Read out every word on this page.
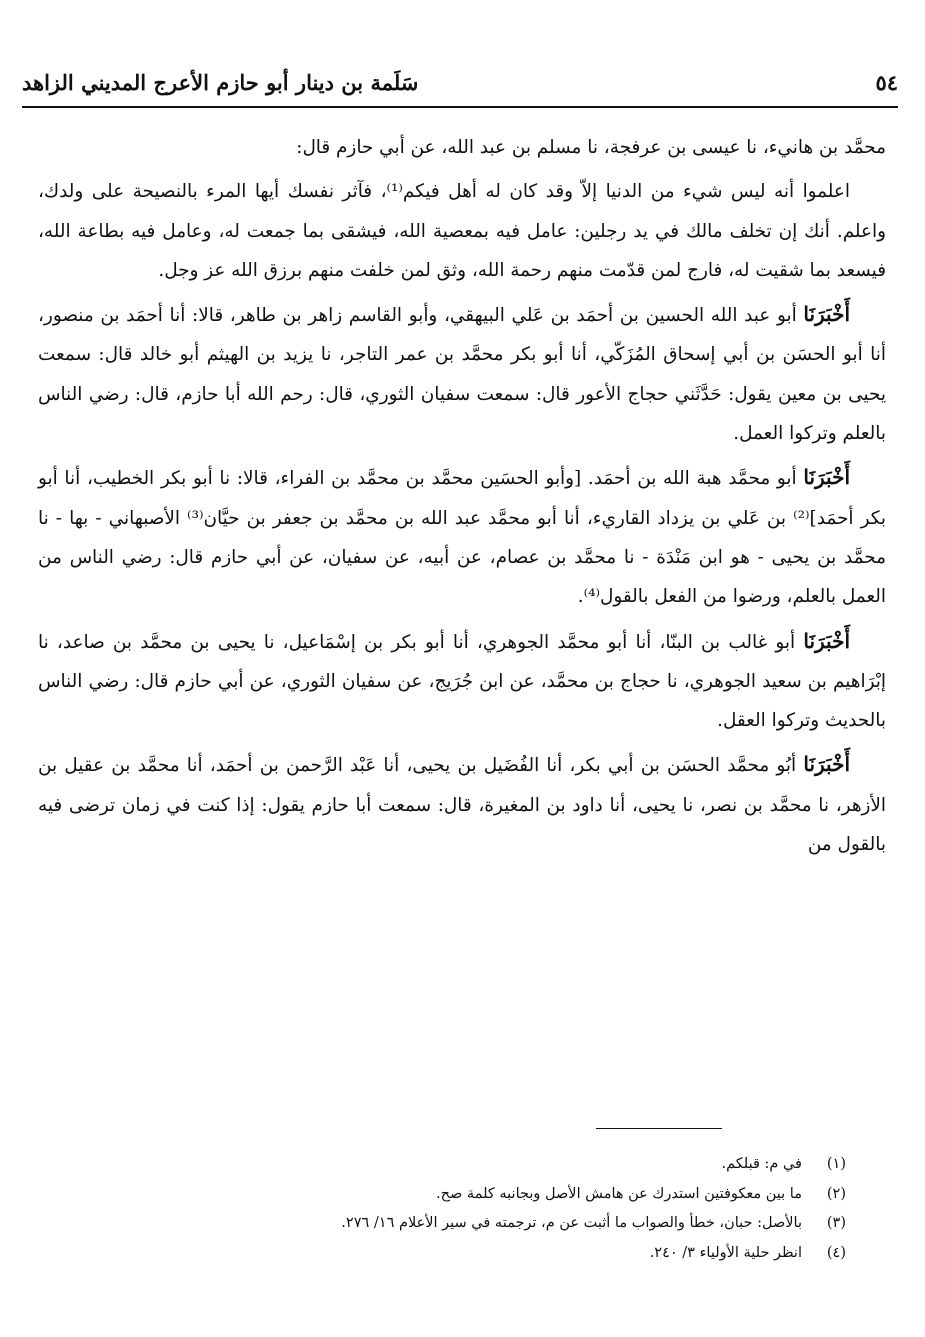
٥٤
سَلَمة بن دينار أبو حازم الأعرج المديني الزاهد

محمَّد بن هانيء، نا عيسى بن عرفجة، نا مسلم بن عبد الله، عن أبي حازم قال:

اعلموا أنه ليس شيء من الدنيا إلاّ وقد كان له أهل فيكم⁽¹⁾، فآثر نفسك أيها المرء بالنصيحة على ولدك، واعلم. أنك إن تخلف مالك في يد رجلين: عامل فيه بمعصية الله، فيشقى بما جمعت له، وعامل فيه بطاعة الله، فيسعد بما شقيت له، فارج لمن قدّمت منهم رحمة الله، وثق لمن خلفت منهم برزق الله عز وجل.

أَخْبَرَنَا أبو عبد الله الحسين بن أحمَد بن عَلي البيهقي، وأبو القاسم زاهر بن طاهر، قالا: أنا أحمَد بن منصور، أنا أبو الحسَن بن أبي إسحاق المُزَكّي، أنا أبو بكر محمَّد بن عمر التاجر، نا يزيد بن الهيثم أبو خالد قال: سمعت يحيى بن معين يقول: حَدَّثَني حجاج الأعور قال: سمعت سفيان الثوري، قال: رحم الله أبا حازم، قال: رضي الناس بالعلم وتركوا العمل.

أَخْبَرَنَا أبو محمَّد هبة الله بن أحمَد. [وأبو الحسَين محمَّد بن محمَّد بن الفراء، قالا: نا أبو بكر الخطيب، أنا أبو بكر أحمَد]⁽²⁾ بن عَلي بن يزداد القاريء، أنا أبو محمَّد عبد الله بن محمَّد بن جعفر بن حيَّان⁽³⁾ الأصبهاني - بها - نا محمَّد بن يحيى - هو ابن مَنْدَة - نا محمَّد بن عصام، عن أبيه، عن سفيان، عن أبي حازم قال: رضي الناس من العمل بالعلم، ورضوا من الفعل بالقول⁽⁴⁾.

أَخْبَرَنَا أبو غالب بن البنّا، أنا أبو محمَّد الجوهري، أنا أبو بكر بن إسْمَاعيل، نا يحيى بن محمَّد بن صاعد، نا إبْرَاهيم بن سعيد الجوهري، نا حجاج بن محمَّد، عن ابن جُرَيج، عن سفيان الثوري، عن أبي حازم قال: رضي الناس بالحديث وتركوا العقل.

أَخْبَرَنَا أبُو محمَّد الحسَن بن أبي بكر، أنا الفُضَيل بن يحيى، أنا عَبْد الرَّحمن بن أحمَد، أنا محمَّد بن عقيل بن الأزهر، نا محمَّد بن نصر، نا يحيى، أنا داود بن المغيرة، قال: سمعت أبا حازم يقول: إذا كنت في زمان ترضى فيه بالقول من

(١)
في م: قبلكم.
(٢)
ما بين معكوفتين استدرك عن هامش الأصل وبجانبه كلمة صح.
(٣)
بالأصل: حبان، خطأ والصواب ما أثبت عن م، ترجمته في سير الأعلام ١٦/ ٢٧٦.
(٤)
انظر حلية الأولياء ٣/ ٢٤٠.
